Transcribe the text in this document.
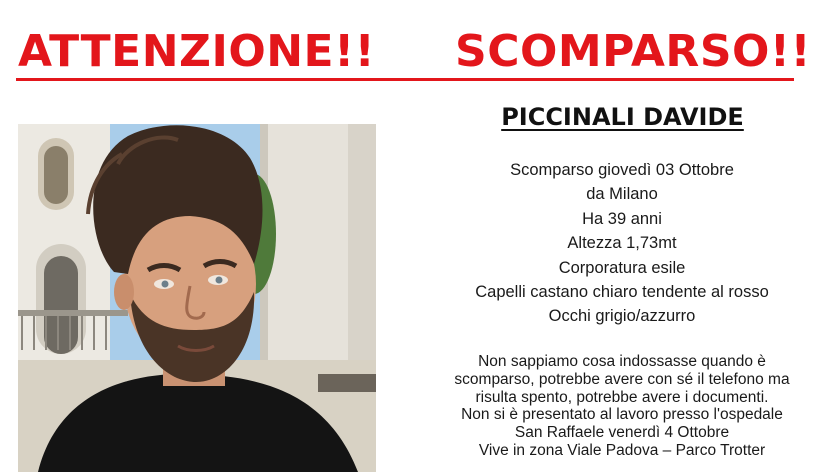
ATTENZIONE!! SCOMPARSO!!
PICCINALI DAVIDE
Scomparso giovedì 03 Ottobre
da Milano
Ha 39 anni
Altezza 1,73mt
Corporatura esile
Capelli castano chiaro tendente al rosso
Occhi grigio/azzurro
Non sappiamo cosa indossasse quando è
scomparso, potrebbe avere con sé il telefono ma
risulta spento, potrebbe avere i documenti.
Non si è presentato al lavoro presso l'ospedale
San Raffaele venerdì 4 Ottobre
Vive in zona Viale Padova – Parco Trotter
